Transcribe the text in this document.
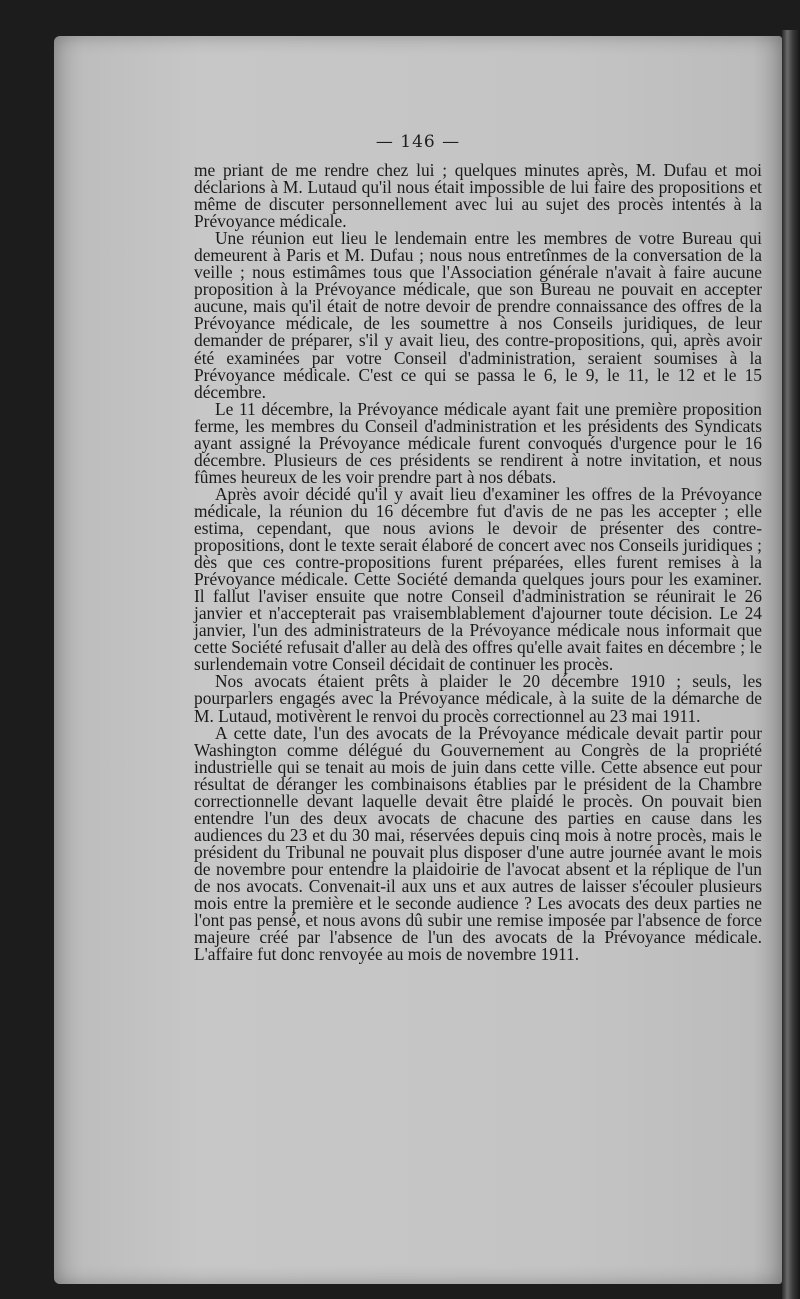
— 146 —

me priant de me rendre chez lui ; quelques minutes après, M. Dufau et moi déclarions à M. Lutaud qu'il nous était impossible de lui faire des propositions et même de discuter personnellement avec lui au sujet des procès intentés à la Prévoyance médicale.

Une réunion eut lieu le lendemain entre les membres de votre Bureau qui demeurent à Paris et M. Dufau ; nous nous entretînmes de la conversation de la veille ; nous estimâmes tous que l'Association générale n'avait à faire aucune proposition à la Prévoyance médicale, que son Bureau ne pouvait en accepter aucune, mais qu'il était de notre devoir de prendre connaissance des offres de la Prévoyance médicale, de les soumettre à nos Conseils juridiques, de leur demander de préparer, s'il y avait lieu, des contre-propositions, qui, après avoir été examinées par votre Conseil d'administration, seraient soumises à la Prévoyance médicale. C'est ce qui se passa le 6, le 9, le 11, le 12 et le 15 décembre.

Le 11 décembre, la Prévoyance médicale ayant fait une première proposition ferme, les membres du Conseil d'administration et les présidents des Syndicats ayant assigné la Prévoyance médicale furent convoqués d'urgence pour le 16 décembre. Plusieurs de ces présidents se rendirent à notre invitation, et nous fûmes heureux de les voir prendre part à nos débats.

Après avoir décidé qu'il y avait lieu d'examiner les offres de la Prévoyance médicale, la réunion du 16 décembre fut d'avis de ne pas les accepter ; elle estima, cependant, que nous avions le devoir de présenter des contre-propositions, dont le texte serait élaboré de concert avec nos Conseils juridiques ; dès que ces contre-propositions furent préparées, elles furent remises à la Prévoyance médicale. Cette Société demanda quelques jours pour les examiner. Il fallut l'aviser ensuite que notre Conseil d'administration se réunirait le 26 janvier et n'accepterait pas vraisemblablement d'ajourner toute décision. Le 24 janvier, l'un des administrateurs de la Prévoyance médicale nous informait que cette Société refusait d'aller au delà des offres qu'elle avait faites en décembre ; le surlendemain votre Conseil décidait de continuer les procès.

Nos avocats étaient prêts à plaider le 20 décembre 1910 ; seuls, les pourparlers engagés avec la Prévoyance médicale, à la suite de la démarche de M. Lutaud, motivèrent le renvoi du procès correctionnel au 23 mai 1911.

A cette date, l'un des avocats de la Prévoyance médicale devait partir pour Washington comme délégué du Gouvernement au Congrès de la propriété industrielle qui se tenait au mois de juin dans cette ville. Cette absence eut pour résultat de déranger les combinaisons établies par le président de la Chambre correctionnelle devant laquelle devait être plaidé le procès. On pouvait bien entendre l'un des deux avocats de chacune des parties en cause dans les audiences du 23 et du 30 mai, réservées depuis cinq mois à notre procès, mais le président du Tribunal ne pouvait plus disposer d'une autre journée avant le mois de novembre pour entendre la plaidoirie de l'avocat absent et la réplique de l'un de nos avocats. Convenait-il aux uns et aux autres de laisser s'écouler plusieurs mois entre la première et le seconde audience ? Les avocats des deux parties ne l'ont pas pensé, et nous avons dû subir une remise imposée par l'absence de force majeure créé par l'absence de l'un des avocats de la Prévoyance médicale. L'affaire fut donc renvoyée au mois de novembre 1911.
